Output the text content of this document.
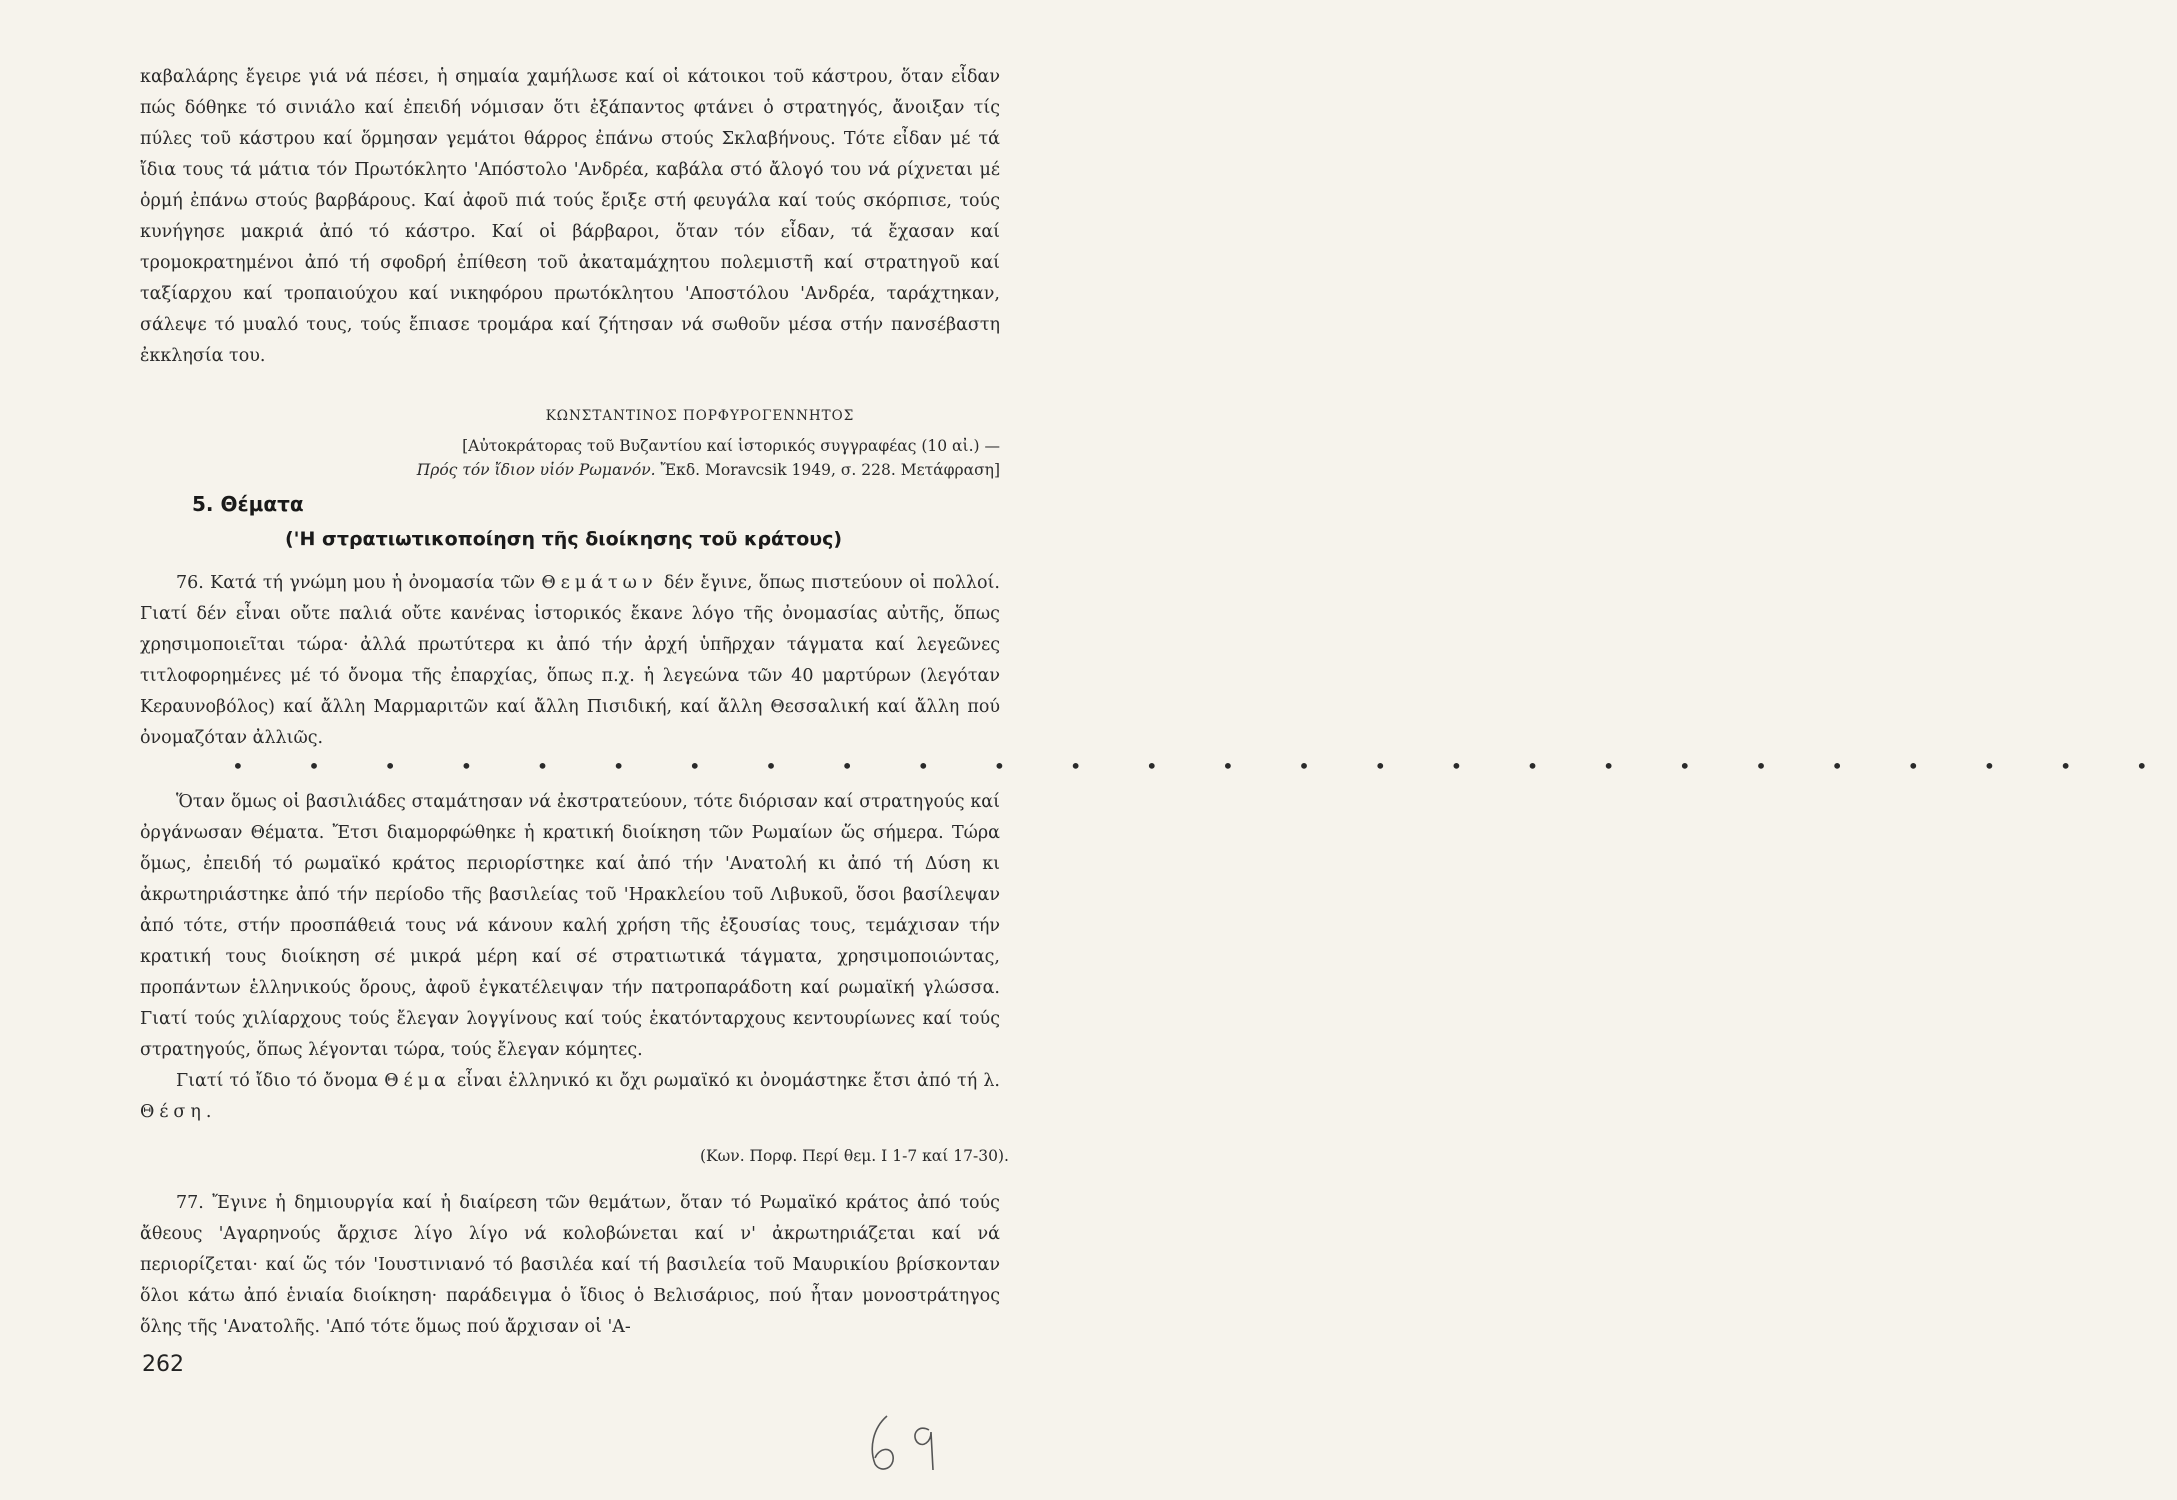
καβαλάρης ἔγειρε γιά νά πέσει, ἡ σημαία χαμήλωσε καί οἱ κάτοικοι τοῦ κάστρου, ὅταν εἶδαν πώς δόθηκε τό σινιάλο καί ἐπειδή νόμισαν ὅτι ἐξάπαντος φτάνει ὁ στρατηγός, ἄνοιξαν τίς πύλες τοῦ κάστρου καί ὅρμησαν γεμάτοι θάρρος ἐπάνω στούς Σκλαβήνους. Τότε εἶδαν μέ τά ἴδια τους τά μάτια τόν Πρωτόκλητο 'Απόστολο 'Ανδρέα, καβάλα στό ἄλογό του νά ρίχνεται μέ ὁρμή ἐπάνω στούς βαρβάρους. Καί ἀφοῦ πιά τούς ἔριξε στή φευγάλα καί τούς σκόρπισε, τούς κυνήγησε μακριά ἀπό τό κάστρο. Καί οἱ βάρβαροι, ὅταν τόν εἶδαν, τά ἔχασαν καί τρομοκρατημένοι ἀπό τή σφοδρή ἐπίθεση τοῦ ἀκαταμάχητου πολεμιστῆ καί στρατηγοῦ καί ταξίαρχου καί τροπαιούχου καί νικηφόρου πρωτόκλητου 'Αποστόλου 'Ανδρέα, ταράχτηκαν, σάλεψε τό μυαλό τους, τούς ἔπιασε τρομάρα καί ζήτησαν νά σωθοῦν μέσα στήν πανσέβαστη ἐκκλησία του.

ΚΩΝΣΤΑΝΤΙΝΟΣ ΠΟΡΦΥΡΟΓΕΝΝΗΤΟΣ
[Αὐτοκράτορας τοῦ Βυζαντίου καί ἱστορικός συγγραφέας (10 αἰ.) —
Πρός τόν ἴδιον υἱόν Ρωμανόν. Ἔκδ. Moravcsik 1949, σ. 228. Μετάφραση]
5. Θέματα
('Η στρατιωτικοποίηση τῆς διοίκησης τοῦ κράτους)

76. Κατά τή γνώμη μου ἡ ὀνομασία τῶν Θεμάτων δέν ἔγινε, ὅπως πιστεύουν οἱ πολλοί. Γιατί δέν εἶναι οὔτε παλιά οὔτε κανένας ἱστορικός ἔκανε λόγο τῆς ὀνομασίας αὐτῆς, ὅπως χρησιμοποιεῖται τώρα· ἀλλά πρωτύτερα κι ἀπό τήν ἀρχή ὑπῆρχαν τάγματα καί λεγεῶνες τιτλοφορημένες μέ τό ὄνομα τῆς ἐπαρχίας, ὅπως π.χ. ἡ λεγεώνα τῶν 40 μαρτύρων (λεγόταν Κεραυνοβόλος) καί ἄλλη Μαρμαριτῶν καί ἄλλη Πισιδική, καί ἄλλη Θεσσαλική καί ἄλλη πού ὀνομαζόταν ἀλλιῶς.

• • • • • • • • • • • • • • • • • • • • • • • • • •

Ὅταν ὅμως οἱ βασιλιάδες σταμάτησαν νά ἐκστρατεύουν, τότε διόρισαν καί στρατηγούς καί ὀργάνωσαν Θέματα. Ἔτσι διαμορφώθηκε ἡ κρατική διοίκηση τῶν Ρωμαίων ὥς σήμερα. Τώρα ὅμως, ἐπειδή τό ρωμαϊκό κράτος περιορίστηκε καί ἀπό τήν 'Ανατολή κι ἀπό τή Δύση κι ἀκρωτηριάστηκε ἀπό τήν περίοδο τῆς βασιλείας τοῦ 'Ηρακλείου τοῦ Λιβυκοῦ, ὅσοι βασίλεψαν ἀπό τότε, στήν προσπάθειά τους νά κάνουν καλή χρήση τῆς ἐξουσίας τους, τεμάχισαν τήν κρατική τους διοίκηση σέ μικρά μέρη καί σέ στρατιωτικά τάγματα, χρησιμοποιώντας, προπάντων ἑλληνικούς ὅρους, ἀφοῦ ἐγκατέλειψαν τήν πατροπαράδοτη καί ρωμαϊκή γλώσσα. Γιατί τούς χιλίαρχους τούς ἔλεγαν λογγίνους καί τούς ἑκατόνταρχους κεντουρίωνες καί τούς στρατηγούς, ὅπως λέγονται τώρα, τούς ἔλεγαν κόμητες.

Γιατί τό ἴδιο τό ὄνομα Θέμα εἶναι ἑλληνικό κι ὄχι ρωμαϊκό κι ὀνομάστηκε ἔτσι ἀπό τή λ. Θέση.

(Κων. Πορφ. Περί θεμ. Ι 1-7 καί 17-30).

77. Ἔγινε ἡ δημιουργία καί ἡ διαίρεση τῶν θεμάτων, ὅταν τό Ρωμαϊκό κράτος ἀπό τούς ἄθεους 'Αγαρηνούς ἄρχισε λίγο λίγο νά κολοβώνεται καί ν' ἀκρωτηριάζεται καί νά περιορίζεται· καί ὥς τόν 'Ιουστινιανό τό βασιλέα καί τή βασιλεία τοῦ Μαυρικίου βρίσκονταν ὅλοι κάτω ἀπό ἑνιαία διοίκηση· παράδειγμα ὁ ἴδιος ὁ Βελισάριος, πού ἦταν μονοστράτηγος ὅλης τῆς 'Ανατολῆς. 'Από τότε ὅμως πού ἄρχισαν οἱ 'Α-

262
